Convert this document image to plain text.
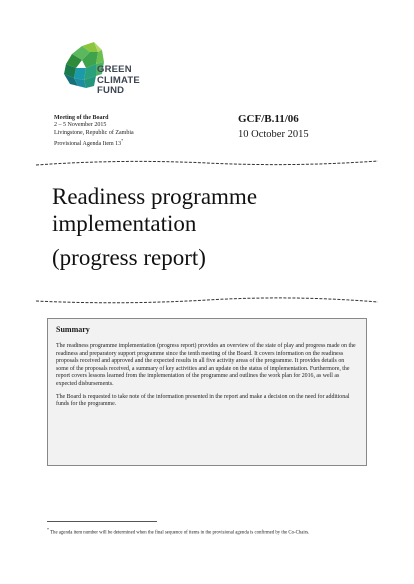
GREEN
CLIMATE
FUND
Meeting of the Board
2 – 5 November 2015
Livingstone, Republic of Zambia
Provisional Agenda Item 13*
GCF/B.11/06
10 October 2015
Readiness programme
implementation
(progress report)
Summary

The readiness programme implementation (progress report) provides an overview of the state of play and progress made on the readiness and preparatory support programme since the tenth meeting of the Board. It covers information on the readiness proposals received and approved and the expected results in all five activity areas of the programme. It provides details on some of the proposals received, a summary of key activities and an update on the status of implementation. Furthermore, the report covers lessons learned from the implementation of the programme and outlines the work plan for 2016, as well as expected disbursements.

The Board is requested to take note of the information presented in the report and make a decision on the need for additional funds for the programme.

* The agenda item number will be determined when the final sequence of items in the provisional agenda is confirmed by the Co-Chairs.
